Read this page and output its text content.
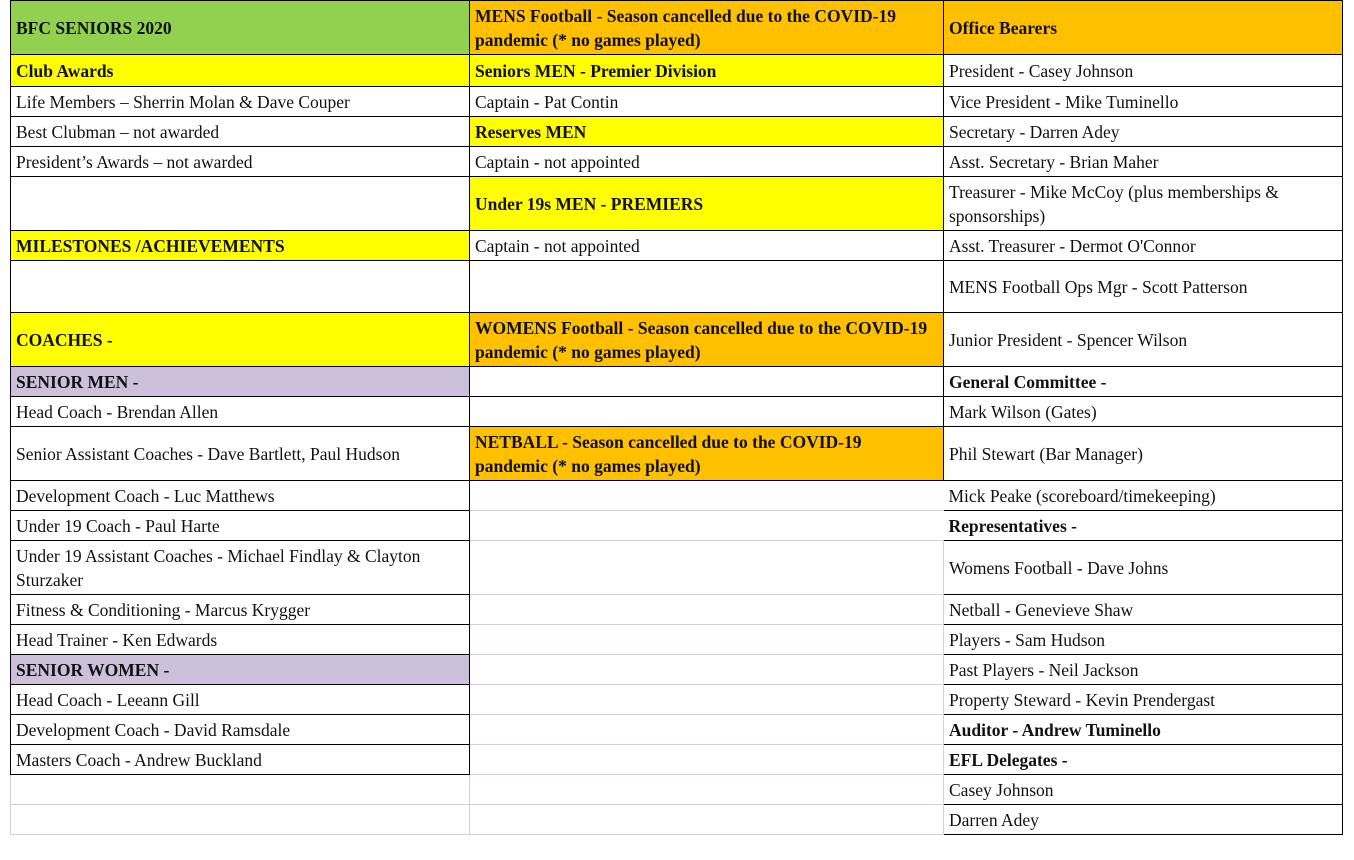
	BFC SENIORS 2020	MENS Football - Season cancelled due to the COVID-19 pandemic (* no games played)	Office Bearers
	Club Awards	Seniors MEN - Premier Division	President - Casey Johnson
	Life Members – Sherrin Molan & Dave Couper	Captain - Pat Contin	Vice President - Mike Tuminello
	Best Clubman – not awarded	Reserves MEN	Secretary - Darren Adey
	President’s Awards – not awarded	Captain - not appointed	Asst. Secretary - Brian Maher
		Under 19s MEN - PREMIERS	Treasurer - Mike McCoy (plus memberships & sponsorships)
	MILESTONES /ACHIEVEMENTS	Captain - not appointed	Asst. Treasurer - Dermot O'Connor
			MENS Football Ops Mgr - Scott Patterson
	COACHES -	WOMENS Football - Season cancelled due to the COVID-19 pandemic (* no games played)	Junior President - Spencer Wilson
	SENIOR MEN -		General Committee -
	Head Coach - Brendan Allen		Mark Wilson (Gates)
	Senior Assistant Coaches - Dave Bartlett, Paul Hudson	NETBALL - Season cancelled due to the COVID-19 pandemic (* no games played)	Phil Stewart (Bar Manager)
	Development Coach - Luc Matthews		Mick Peake (scoreboard/timekeeping)
	Under 19 Coach - Paul Harte		Representatives -
	Under 19 Assistant Coaches - Michael Findlay & Clayton Sturzaker		Womens Football - Dave Johns
	Fitness & Conditioning - Marcus Krygger		Netball - Genevieve Shaw
	Head Trainer - Ken Edwards		Players - Sam Hudson
	SENIOR WOMEN -		Past Players - Neil Jackson
	Head Coach - Leeann Gill		Property Steward - Kevin Prendergast
	Development Coach - David Ramsdale		Auditor - Andrew Tuminello
	Masters Coach - Andrew Buckland		EFL Delegates -
			Casey Johnson
			Darren Adey
